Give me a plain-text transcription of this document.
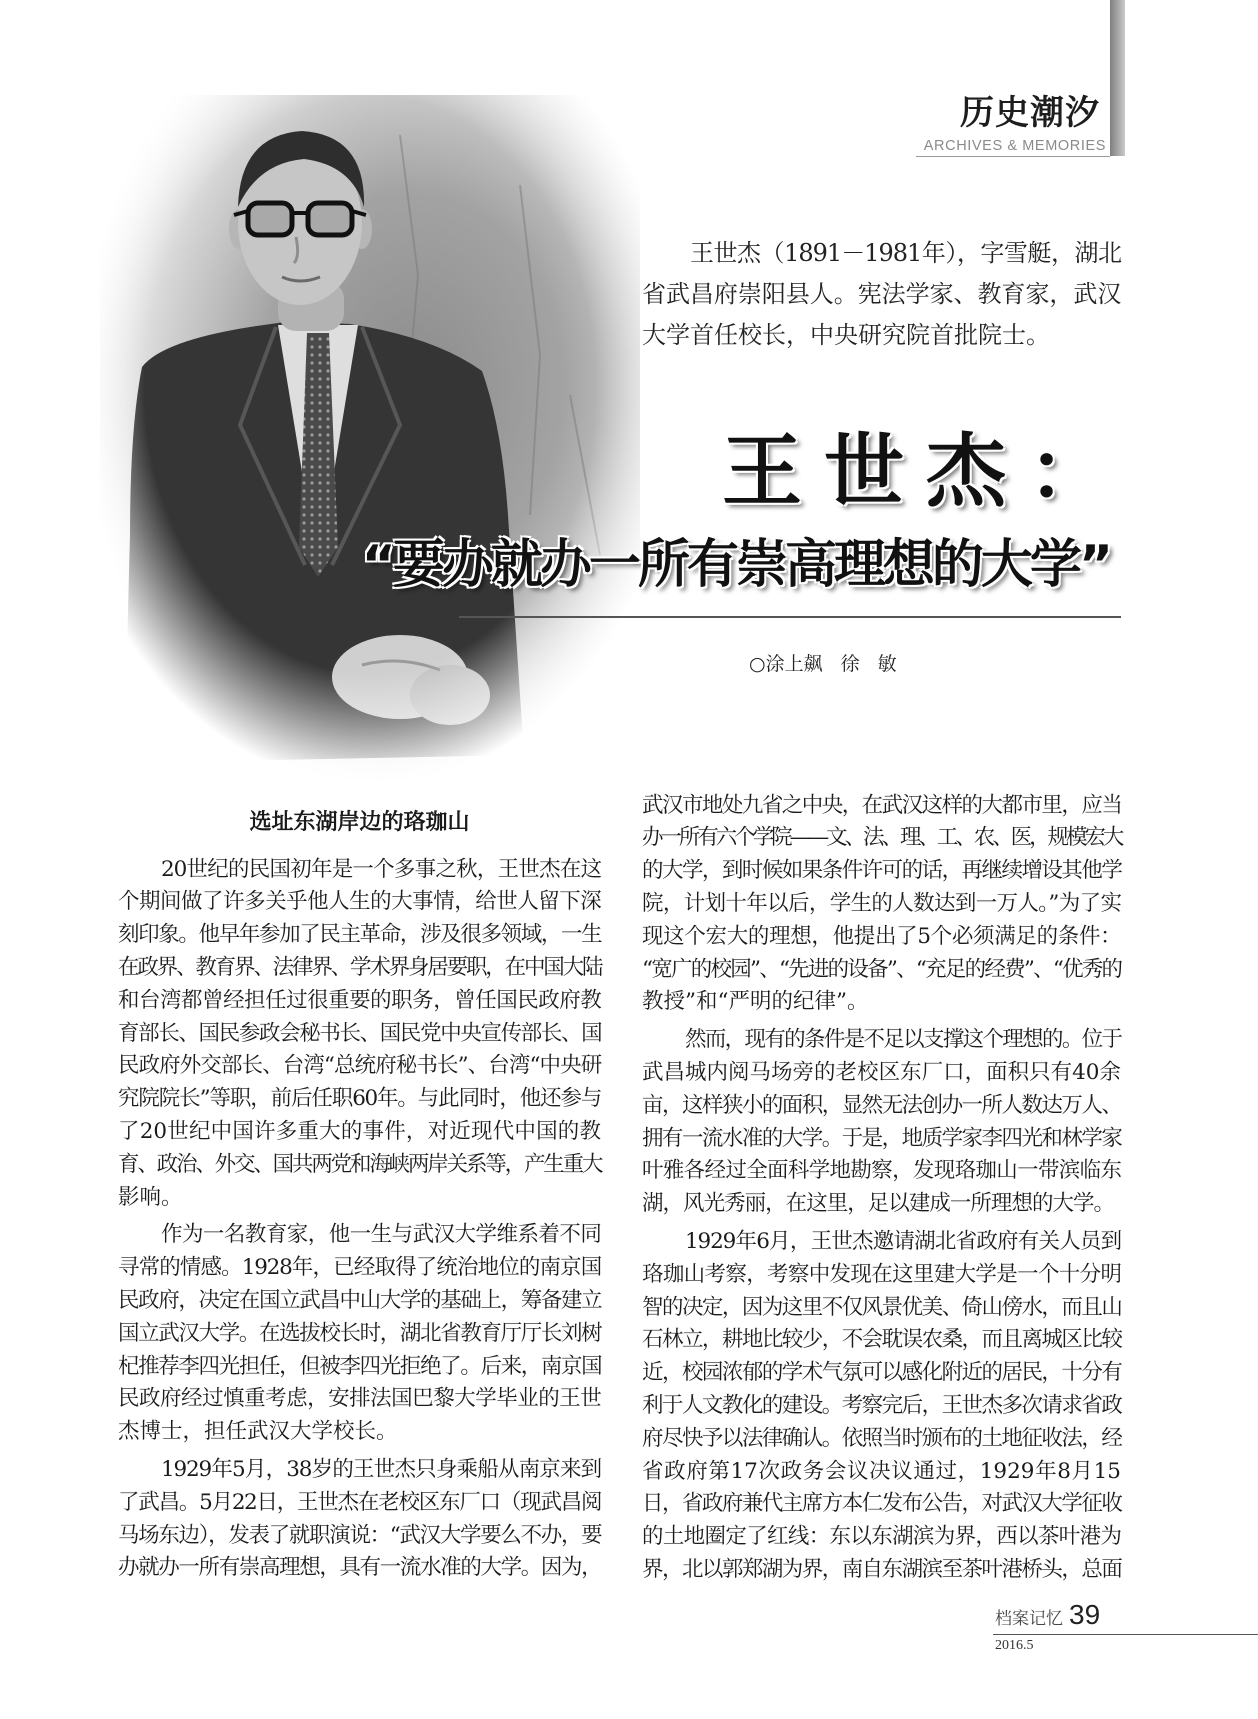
历史潮汐
ARCHIVES & MEMORIES
王世杰（1891－1981年），字雪艇，湖北
省武昌府崇阳县人。宪法学家、教育家，武汉
大学首任校长，中央研究院首批院士。
王世杰：
“要办就办一所有崇高理想的大学”
○涂上飙 徐 敏
选址东湖岸边的珞珈山
20世纪的民国初年是一个多事之秋，王世杰在这
个期间做了许多关乎他人生的大事情，给世人留下深
刻印象。他早年参加了民主革命，涉及很多领域，一生
在政界、教育界、法律界、学术界身居要职，在中国大陆
和台湾都曾经担任过很重要的职务，曾任国民政府教
育部长、国民参政会秘书长、国民党中央宣传部长、国
民政府外交部长、台湾“总统府秘书长”、台湾“中央研
究院院长”等职，前后任职60年。与此同时，他还参与
了20世纪中国许多重大的事件，对近现代中国的教
育、政治、外交、国共两党和海峡两岸关系等，产生重大
影响。
作为一名教育家，他一生与武汉大学维系着不同
寻常的情感。1928年，已经取得了统治地位的南京国
民政府，决定在国立武昌中山大学的基础上，筹备建立
国立武汉大学。在选拔校长时，湖北省教育厅厅长刘树
杞推荐李四光担任，但被李四光拒绝了。后来，南京国
民政府经过慎重考虑，安排法国巴黎大学毕业的王世
杰博士，担任武汉大学校长。
1929年5月，38岁的王世杰只身乘船从南京来到
了武昌。5月22日，王世杰在老校区东厂口（现武昌阅
马场东边），发表了就职演说：“武汉大学要么不办，要
办就办一所有崇高理想，具有一流水准的大学。因为，
武汉市地处九省之中央，在武汉这样的大都市里，应当
办一所有六个学院——文、法、理、工、农、医，规模宏大
的大学，到时候如果条件许可的话，再继续增设其他学
院，计划十年以后，学生的人数达到一万人。”为了实
现这个宏大的理想，他提出了5个必须满足的条件：
“宽广的校园”、“先进的设备”、“充足的经费”、“优秀的
教授”和“严明的纪律”。
然而，现有的条件是不足以支撑这个理想的。位于
武昌城内阅马场旁的老校区东厂口，面积只有40余
亩，这样狭小的面积，显然无法创办一所人数达万人、
拥有一流水准的大学。于是，地质学家李四光和林学家
叶雅各经过全面科学地勘察，发现珞珈山一带滨临东
湖，风光秀丽，在这里，足以建成一所理想的大学。
1929年6月，王世杰邀请湖北省政府有关人员到
珞珈山考察，考察中发现在这里建大学是一个十分明
智的决定，因为这里不仅风景优美、倚山傍水，而且山
石林立，耕地比较少，不会耽误农桑，而且离城区比较
近，校园浓郁的学术气氛可以感化附近的居民，十分有
利于人文教化的建设。考察完后，王世杰多次请求省政
府尽快予以法律确认。依照当时颁布的土地征收法，经
省政府第17次政务会议决议通过，1929年8月15
日，省政府兼代主席方本仁发布公告，对武汉大学征收
的土地圈定了红线：东以东湖滨为界，西以茶叶港为
界，北以郭郑湖为界，南自东湖滨至茶叶港桥头，总面
档案记忆 39
2016.5
